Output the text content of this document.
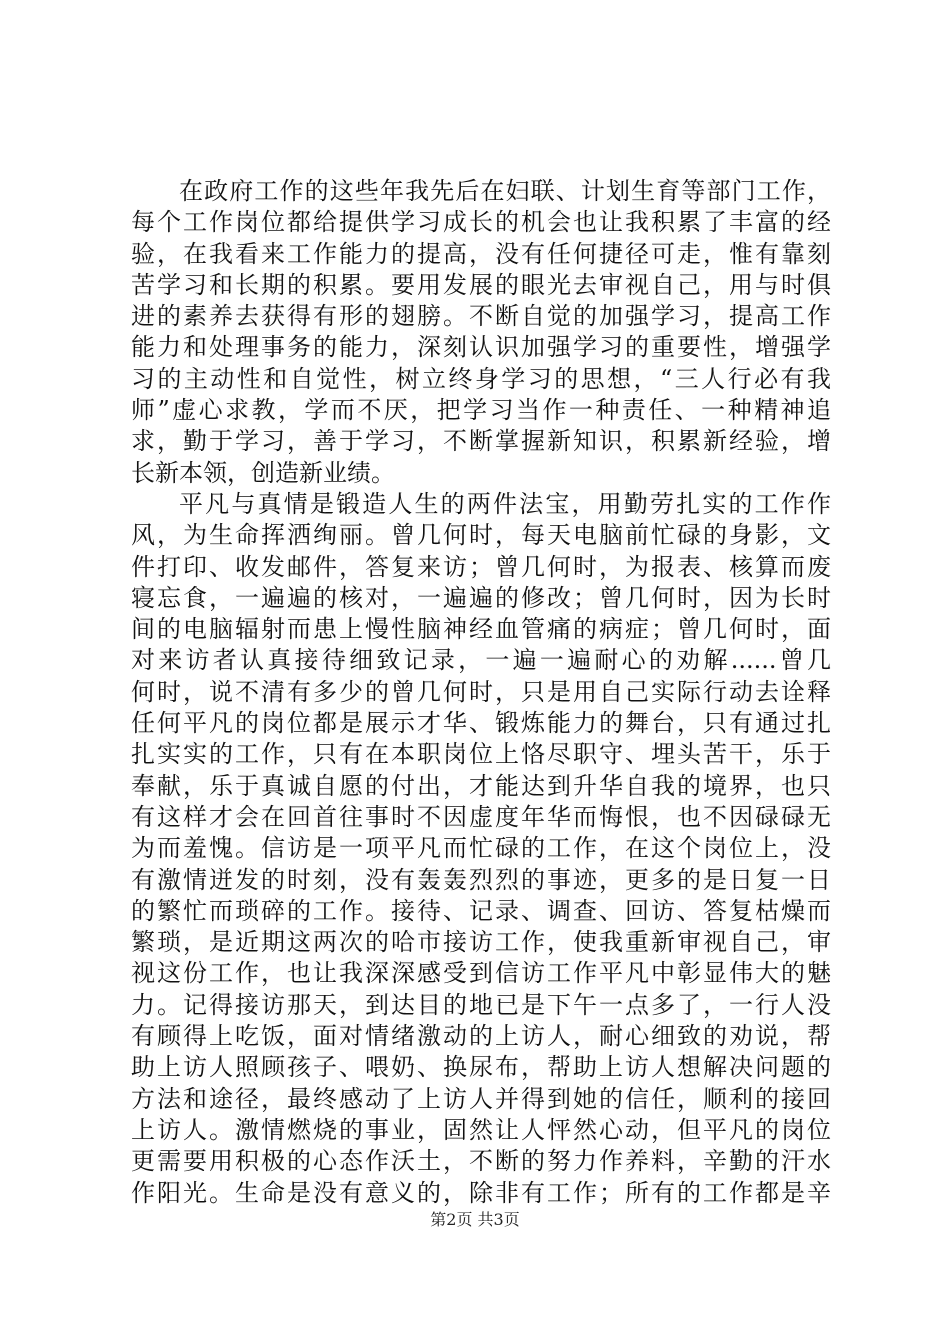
在政府工作的这些年我先后在妇联、计划生育等部门工作，
每个工作岗位都给提供学习成长的机会也让我积累了丰富的经
验，在我看来工作能力的提高，没有任何捷径可走，惟有靠刻
苦学习和长期的积累。要用发展的眼光去审视自己，用与时俱
进的素养去获得有形的翅膀。不断自觉的加强学习，提高工作
能力和处理事务的能力，深刻认识加强学习的重要性，增强学
习的主动性和自觉性，树立终身学习的思想，“三人行必有我
师”虚心求教，学而不厌，把学习当作一种责任、一种精神追
求，勤于学习，善于学习，不断掌握新知识，积累新经验，增
长新本领，创造新业绩。
平凡与真情是锻造人生的两件法宝，用勤劳扎实的工作作
风，为生命挥洒绚丽。曾几何时，每天电脑前忙碌的身影，文
件打印、收发邮件，答复来访；曾几何时，为报表、核算而废
寝忘食，一遍遍的核对，一遍遍的修改；曾几何时，因为长时
间的电脑辐射而患上慢性脑神经血管痛的病症；曾几何时，面
对来访者认真接待细致记录，一遍一遍耐心的劝解......曾几
何时，说不清有多少的曾几何时，只是用自己实际行动去诠释
任何平凡的岗位都是展示才华、锻炼能力的舞台，只有通过扎
扎实实的工作，只有在本职岗位上恪尽职守、埋头苦干，乐于
奉献，乐于真诚自愿的付出，才能达到升华自我的境界，也只
有这样才会在回首往事时不因虚度年华而悔恨，也不因碌碌无
为而羞愧。信访是一项平凡而忙碌的工作，在这个岗位上，没
有激情迸发的时刻，没有轰轰烈烈的事迹，更多的是日复一日
的繁忙而琐碎的工作。接待、记录、调查、回访、答复枯燥而
繁琐，是近期这两次的哈市接访工作，使我重新审视自己，审
视这份工作，也让我深深感受到信访工作平凡中彰显伟大的魅
力。记得接访那天，到达目的地已是下午一点多了，一行人没
有顾得上吃饭，面对情绪激动的上访人，耐心细致的劝说，帮
助上访人照顾孩子、喂奶、换尿布，帮助上访人想解决问题的
方法和途径，最终感动了上访人并得到她的信任，顺利的接回
上访人。激情燃烧的事业，固然让人怦然心动，但平凡的岗位
更需要用积极的心态作沃土，不断的努力作养料，辛勤的汗水
作阳光。生命是没有意义的，除非有工作；所有的工作都是辛
第2页 共3页
